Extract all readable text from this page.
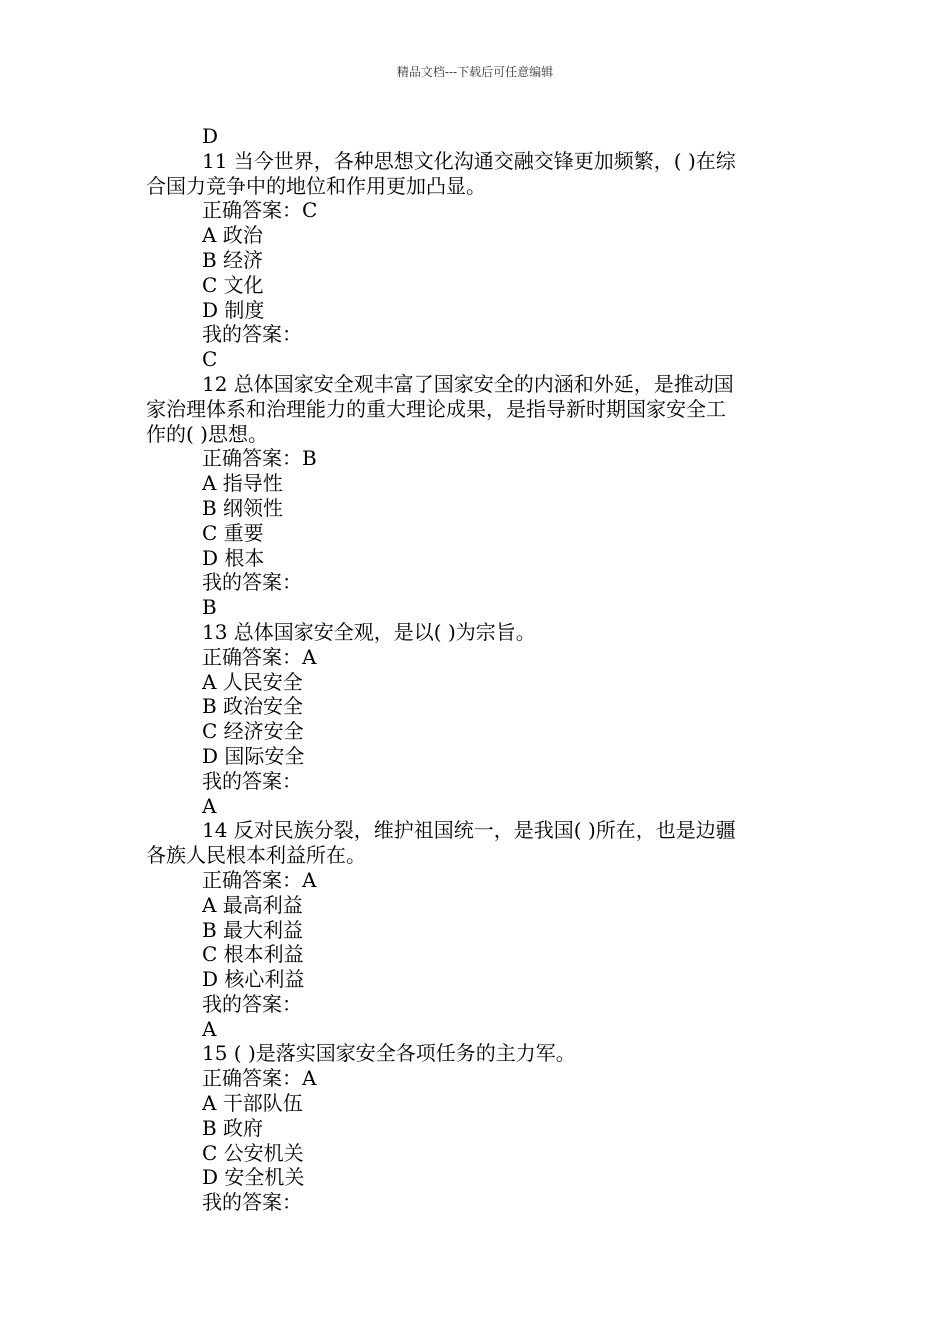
精品文档---下载后可任意编辑
D
11 当今世界，各种思想文化沟通交融交锋更加频繁，( )在综
合国力竞争中的地位和作用更加凸显。
正确答案：C
A 政治
B 经济
C 文化
D 制度
我的答案：
C
12 总体国家安全观丰富了国家安全的内涵和外延，是推动国
家治理体系和治理能力的重大理论成果，是指导新时期国家安全工
作的( )思想。
正确答案：B
A 指导性
B 纲领性
C 重要
D 根本
我的答案：
B
13 总体国家安全观，是以( )为宗旨。
正确答案：A
A 人民安全
B 政治安全
C 经济安全
D 国际安全
我的答案：
A
14 反对民族分裂，维护祖国统一，是我国( )所在，也是边疆
各族人民根本利益所在。
正确答案：A
A 最高利益
B 最大利益
C 根本利益
D 核心利益
我的答案：
A
15 ( )是落实国家安全各项任务的主力军。
正确答案：A
A 干部队伍
B 政府
C 公安机关
D 安全机关
我的答案：
